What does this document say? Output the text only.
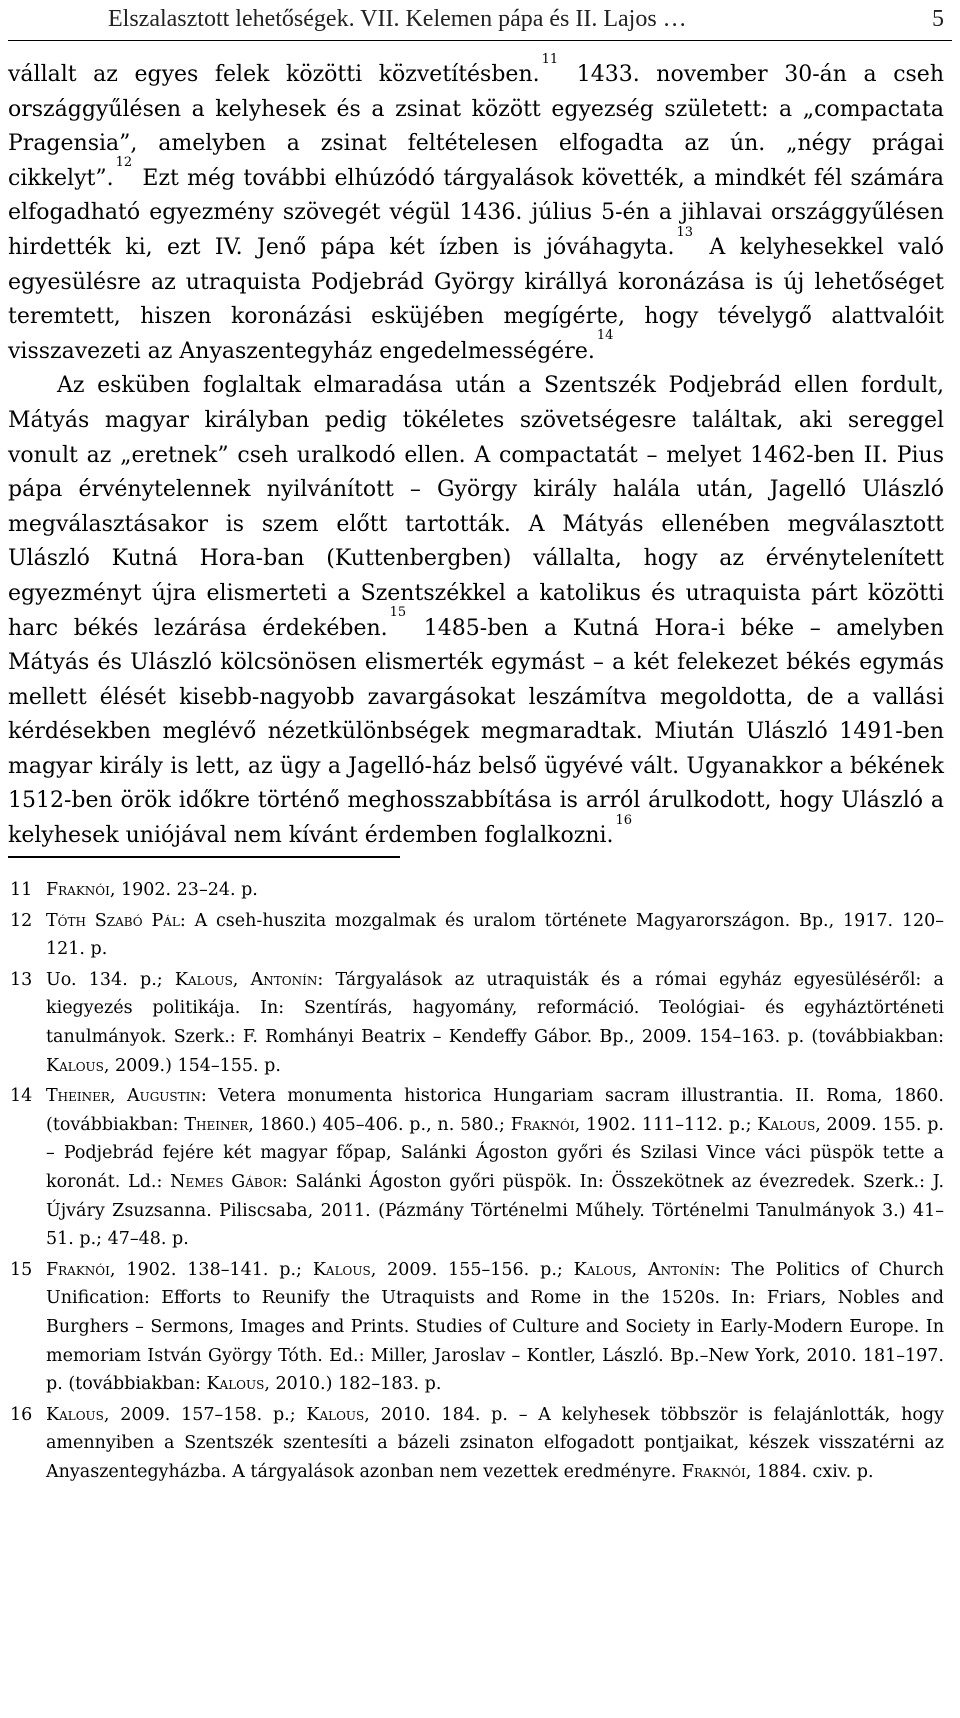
Elszalasztott lehetőségek. VII. Kelemen pápa és II. Lajos …	5

vállalt az egyes felek közötti közvetítésben.$^{11}$ 1433. november 30-án a cseh országgyűlésen a kelyhesek és a zsinat között egyezség született: a „compactata Pragensia”, amelyben a zsinat feltételesen elfogadta az ún. „négy prágai cikkelyt”.$^{12}$ Ezt még további elhúzódó tárgyalások követték, a mindkét fél számára elfogadható egyezmény szövegét végül 1436. július 5-én a jihlavai országgyűlésen hirdették ki, ezt IV. Jenő pápa két ízben is jóváhagyta.$^{13}$ A kelyhesekkel való egyesülésre az utraquista Podjebrád György királlyá koronázása is új lehetőséget teremtett, hiszen koronázási esküjében megígérte, hogy tévelygő alattvalóit visszavezeti az Anyaszentegyház engedelmességére.$^{14}$

Az esküben foglaltak elmaradása után a Szentszék Podjebrád ellen fordult, Mátyás magyar királyban pedig tökéletes szövetségesre találtak, aki sereggel vonult az „eretnek” cseh uralkodó ellen. A compactatát – melyet 1462-ben II. Pius pápa érvénytelennek nyilvánított – György király halála után, Jagelló Ulászló megválasztásakor is szem előtt tartották. A Mátyás ellenében megválasztott Ulászló Kutná Hora-ban (Kuttenbergben) vállalta, hogy az érvénytelenített egyezményt újra elismerteti a Szentszékkel a katolikus és utraquista párt közötti harc békés lezárása érdekében.$^{15}$ 1485-ben a Kutná Hora-i béke – amelyben Mátyás és Ulászló kölcsönösen elismerték egymást – a két felekezet békés egymás mellett élését kisebb-nagyobb zavargásokat leszámítva megoldotta, de a vallási kérdésekben meglévő nézetkülönbségek megmaradtak. Miután Ulászló 1491-ben magyar király is lett, az ügy a Jagelló-ház belső ügyévé vált. Ugyanakkor a békének 1512-ben örök időkre történő meghosszabbítása is arról árulkodott, hogy Ulászló a kelyhesek uniójával nem kívánt érdemben foglalkozni.$^{16}$

11 Fraknói, 1902. 23–24. p.
12 Tóth Szabó Pál: A cseh-huszita mozgalmak és uralom története Magyarországon. Bp., 1917. 120–121. p.
13 Uo. 134. p.; Kalous, Antonín: Tárgyalások az utraquisták és a római egyház egyesüléséről: a kiegyezés politikája. In: Szentírás, hagyomány, reformáció. Teológiai- és egyháztörténeti tanulmányok. Szerk.: F. Romhányi Beatrix – Kendeffy Gábor. Bp., 2009. 154–163. p. (továbbiakban: Kalous, 2009.) 154–155. p.
14 Theiner, Augustin: Vetera monumenta historica Hungariam sacram illustrantia. II. Roma, 1860. (továbbiakban: Theiner, 1860.) 405–406. p., n. 580.; Fraknói, 1902. 111–112. p.; Kalous, 2009. 155. p. – Podjebrád fejére két magyar főpap, Salánki Ágoston győri és Szilasi Vince váci püspök tette a koronát. Ld.: Nemes Gábor: Salánki Ágoston győri püspök. In: Összekötnek az évezredek. Szerk.: J. Újváry Zsuzsanna. Piliscsaba, 2011. (Pázmány Történelmi Műhely. Történelmi Tanulmányok 3.) 41–51. p.; 47–48. p.
15 Fraknói, 1902. 138–141. p.; Kalous, 2009. 155–156. p.; Kalous, Antonín: The Politics of Church Unification: Efforts to Reunify the Utraquists and Rome in the 1520s. In: Friars, Nobles and Burghers – Sermons, Images and Prints. Studies of Culture and Society in Early-Modern Europe. In memoriam István György Tóth. Ed.: Miller, Jaroslav – Kontler, László. Bp.–New York, 2010. 181–197. p. (továbbiakban: Kalous, 2010.) 182–183. p.
16 Kalous, 2009. 157–158. p.; Kalous, 2010. 184. p. – A kelyhesek többször is felajánlották, hogy amennyiben a Szentszék szentesíti a bázeli zsinaton elfogadott pontjaikat, készek visszatérni az Anyaszentegyházba. A tárgyalások azonban nem vezettek eredményre. Fraknói, 1884. cxiv. p.
